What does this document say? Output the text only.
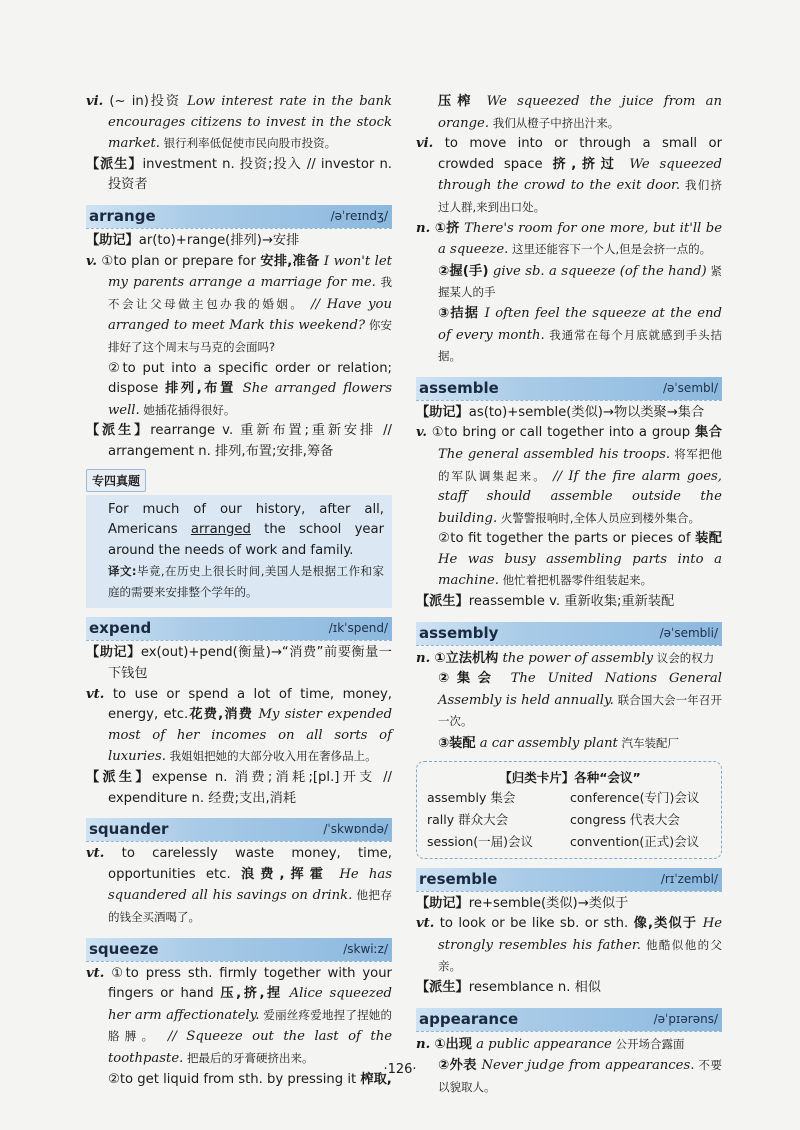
vi. (~ in)投资 Low interest rate in the bank encourages citizens to invest in the stock market. 银行利率低促使市民向股市投资。

【派生】investment n. 投资;投入 // investor n. 投资者

arrange	/əˈreɪndʒ/

【助记】ar(to)+range(排列)→安排

v. ①to plan or prepare for 安排,准备 I won't let my parents arrange a marriage for me. 我不会让父母做主包办我的婚姻。 // Have you arranged to meet Mark this weekend? 你安排好了这个周末与马克的会面吗?

②to put into a specific order or relation; dispose 排列,布置 She arranged flowers well. 她插花插得很好。

【派生】rearrange v. 重新布置;重新安排 // arrangement n. 排列,布置;安排,筹备

专四真题

For much of our history, after all, Americans arranged the school year around the needs of work and family.

译文:毕竟,在历史上很长时间,美国人是根据工作和家庭的需要来安排整个学年的。

expend	/ɪkˈspend/

【助记】ex(out)+pend(衡量)→“消费”前要衡量一下钱包

vt. to use or spend a lot of time, money, energy, etc.花费,消费 My sister expended most of her incomes on all sorts of luxuries. 我姐姐把她的大部分收入用在奢侈品上。

【派生】expense n. 消费;消耗;[pl.]开支 // expenditure n. 经费;支出,消耗

squander	/ˈskwɒndə/

vt. to carelessly waste money, time, opportunities etc. 浪费,挥霍 He has squandered all his savings on drink. 他把存的钱全买酒喝了。

squeeze	/skwiːz/

vt. ①to press sth. firmly together with your fingers or hand 压,挤,捏 Alice squeezed her arm affectionately. 爱丽丝疼爱地捏了捏她的胳膊。 // Squeeze out the last of the toothpaste. 把最后的牙膏硬挤出来。

②to get liquid from sth. by pressing it 榨取,

压榨 We squeezed the juice from an orange. 我们从橙子中挤出汁来。

vi. to move into or through a small or crowded space 挤,挤过 We squeezed through the crowd to the exit door. 我们挤过人群,来到出口处。

n. ①挤 There's room for one more, but it'll be a squeeze. 这里还能容下一个人,但是会挤一点的。

②握(手) give sb. a squeeze (of the hand) 紧握某人的手

③拮据 I often feel the squeeze at the end of every month. 我通常在每个月底就感到手头拮据。

assemble	/əˈsembl/

【助记】as(to)+semble(类似)→物以类聚→集合

v. ①to bring or call together into a group 集合 The general assembled his troops. 将军把他的军队调集起来。 // If the fire alarm goes, staff should assemble outside the building. 火警警报响时,全体人员应到楼外集合。

②to fit together the parts or pieces of 装配 He was busy assembling parts into a machine. 他忙着把机器零件组装起来。

【派生】reassemble v. 重新收集;重新装配

assembly	/əˈsembli/

n. ①立法机构 the power of assembly 议会的权力

②集会 The United Nations General Assembly is held annually. 联合国大会一年召开一次。

③装配 a car assembly plant 汽车装配厂

【归类卡片】各种“会议”
assembly 集会	conference(专门)会议
rally 群众大会	congress 代表大会
session(一届)会议	convention(正式)会议
resemble	/rɪˈzembl/

【助记】re+semble(类似)→类似于

vt. to look or be like sb. or sth. 像,类似于 He strongly resembles his father. 他酷似他的父亲。

【派生】resemblance n. 相似

appearance	/əˈpɪərəns/

n. ①出现 a public appearance 公开场合露面

②外表 Never judge from appearances. 不要以貌取人。

·126·
